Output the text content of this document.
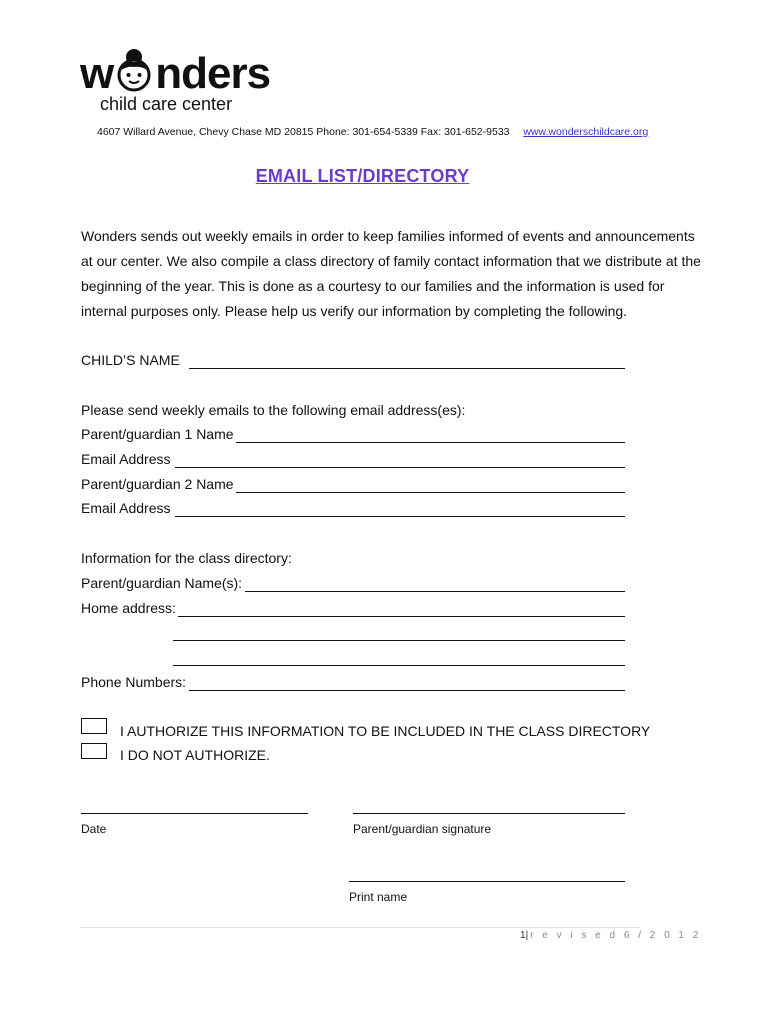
w nders
child care center
4607 Willard Avenue, Chevy Chase MD 20815 Phone: 301-654-5339 Fax: 301-652-9533 www.wonderschildcare.org
EMAIL LIST/DIRECTORY
Wonders sends out weekly emails in order to keep families informed of events and announcements at our center. We also compile a class directory of family contact information that we distribute at the beginning of the year. This is done as a courtesy to our families and the information is used for internal purposes only. Please help us verify our information by completing the following.
CHILD’S NAME
Please send weekly emails to the following email address(es):
Parent/guardian 1 Name
Email Address
Parent/guardian 2 Name
Email Address
Information for the class directory:
Parent/guardian Name(s):
Home address:
Phone Numbers:
I AUTHORIZE THIS INFORMATION TO BE INCLUDED IN THE CLASS DIRECTORY
I DO NOT AUTHORIZE.
Date	Parent/guardian signature
Print name
1| r e v i s e d 6 / 2 0 1 2
